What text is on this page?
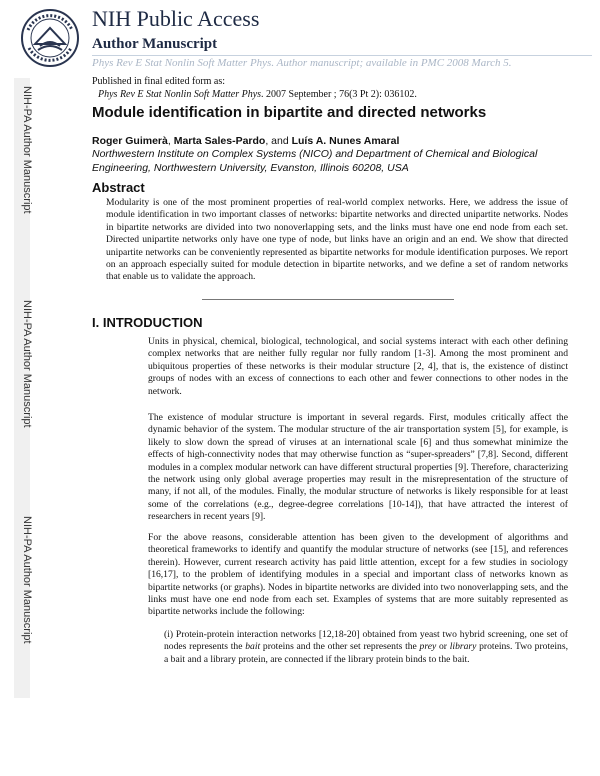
NIH-PA Author Manuscript
NIH-PA Author Manuscript
NIH-PA Author Manuscript
NIH Public Access
Author Manuscript
Phys Rev E Stat Nonlin Soft Matter Phys. Author manuscript; available in PMC 2008 March 5.
Published in final edited form as:
Phys Rev E Stat Nonlin Soft Matter Phys. 2007 September ; 76(3 Pt 2): 036102.
Module identification in bipartite and directed networks
Roger Guimerà, Marta Sales-Pardo, and Luís A. Nunes Amaral
Northwestern Institute on Complex Systems (NICO) and Department of Chemical and Biological Engineering, Northwestern University, Evanston, Illinois 60208, USA
Abstract
Modularity is one of the most prominent properties of real-world complex networks. Here, we address the issue of module identification in two important classes of networks: bipartite networks and directed unipartite networks. Nodes in bipartite networks are divided into two nonoverlapping sets, and the links must have one end node from each set. Directed unipartite networks only have one type of node, but links have an origin and an end. We show that directed unipartite networks can be conveniently represented as bipartite networks for module identification purposes. We report on an approach especially suited for module detection in bipartite networks, and we define a set of random networks that enable us to validate the approach.
I. INTRODUCTION
Units in physical, chemical, biological, technological, and social systems interact with each other defining complex networks that are neither fully regular nor fully random [1-3]. Among the most prominent and ubiquitous properties of these networks is their modular structure [2, 4], that is, the existence of distinct groups of nodes with an excess of connections to each other and fewer connections to other nodes in the network.
The existence of modular structure is important in several regards. First, modules critically affect the dynamic behavior of the system. The modular structure of the air transportation system [5], for example, is likely to slow down the spread of viruses at an international scale [6] and thus somewhat minimize the effects of high-connectivity nodes that may otherwise function as “super-spreaders” [7,8]. Second, different modules in a complex modular network can have different structural properties [9]. Therefore, characterizing the network using only global average properties may result in the misrepresentation of the structure of many, if not all, of the modules. Finally, the modular structure of networks is likely responsible for at least some of the correlations (e.g., degree-degree correlations [10-14]), that have attracted the interest of researchers in recent years [9].
For the above reasons, considerable attention has been given to the development of algorithms and theoretical frameworks to identify and quantify the modular structure of networks (see [15], and references therein). However, current research activity has paid little attention, except for a few studies in sociology [16,17], to the problem of identifying modules in a special and important class of networks known as bipartite networks (or graphs). Nodes in bipartite networks are divided into two nonoverlapping sets, and the links must have one end node from each set. Examples of systems that are more suitably represented as bipartite networks include the following:
(i) Protein-protein interaction networks [12,18-20] obtained from yeast two hybrid screening, one set of nodes represents the bait proteins and the other set represents the prey or library proteins. Two proteins, a bait and a library protein, are connected if the library protein binds to the bait.
